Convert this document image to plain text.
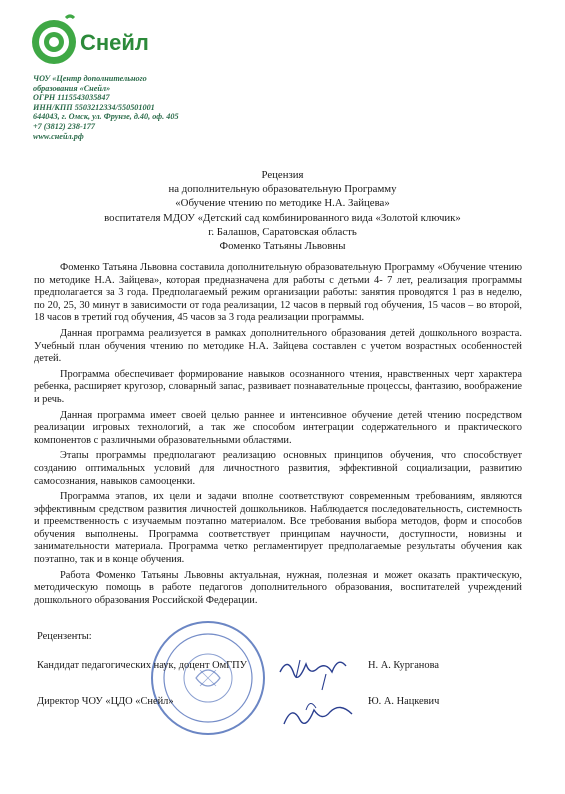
Снейл
ЧОУ «Центр дополнительного
образования «Снейл»
ОГРН 1115543035847
ИНН/КПП 5503212334/550501001
644043, г. Омск, ул. Фрунзе, д.40, оф. 405
+7 (3812) 238-177
www.снейл.рф
Рецензия
на дополнительную образовательную Программу
«Обучение чтению по методике Н.А. Зайцева»
воспитателя МДОУ «Детский сад комбинированного вида «Золотой ключик»
г. Балашов, Саратовская область
Фоменко Татьяны Львовны

Фоменко Татьяна Львовна составила дополнительную образовательную Программу «Обучение чтению по методике Н.А. Зайцева», которая предназначена для работы с детьми 4- 7 лет, реализация программы предполагается за 3 года. Предполагаемый режим организации работы: занятия проводятся 1 раз в неделю, по 20, 25, 30 минут в зависимости от года реализации, 12 часов в первый год обучения, 15 часов – во второй, 18 часов в третий год обучения, 45 часов за 3 года реализации программы.

Данная программа реализуется в рамках дополнительного образования детей дошкольного возраста. Учебный план обучения чтению по методике Н.А. Зайцева составлен с учетом возрастных особенностей детей.

Программа обеспечивает формирование навыков осознанного чтения, нравственных черт характера ребенка, расширяет кругозор, словарный запас, развивает познавательные процессы, фантазию, воображение и речь.

Данная программа имеет своей целью раннее и интенсивное обучение детей чтению посредством реализации игровых технологий, а так же способом интеграции содержательного и практического компонентов с различными образовательными областями.

Этапы программы предполагают реализацию основных принципов обучения, что способствует созданию оптимальных условий для личностного развития, эффективной социализации, развитию самосознания, навыков самооценки.

Программа этапов, их цели и задачи вполне соответствуют современным требованиям, являются эффективным средством развития личностей дошкольников. Наблюдается последовательность, системность и преемственность с изучаемым поэтапно материалом. Все требования выбора методов, форм и способов обучения выполнены. Программа соответствует принципам научности, доступности, новизны и занимательности материала. Программа четко регламентирует предполагаемые результаты обучения как поэтапно, так и в конце обучения.

Работа Фоменко Татьяны Львовны актуальная, нужная, полезная и может оказать практическую, методическую помощь в работе педагогов дополнительного образования, воспитателей учреждений дошкольного образования Российской Федерации.

Рецензенты:
Кандидат педагогических наук, доцент ОмГПУ	Н. А. Курганова
Директор ЧОУ «ЦДО «Снейл»	Ю. А. Нацкевич
